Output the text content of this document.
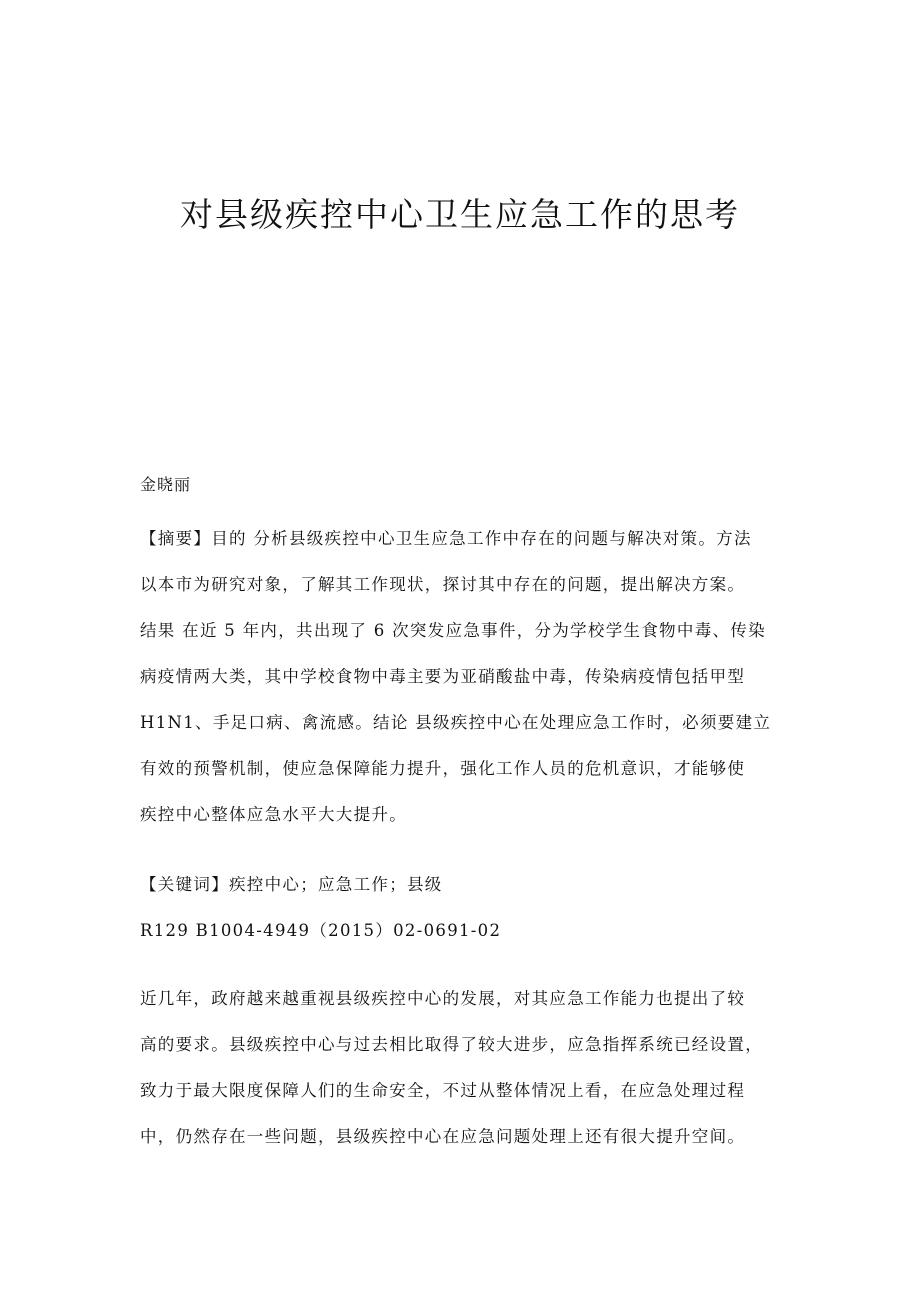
对县级疾控中心卫生应急工作的思考
金晓丽
【摘要】目的 分析县级疾控中心卫生应急工作中存在的问题与解决对策。方法
以本市为研究对象，了解其工作现状，探讨其中存在的问题，提出解决方案。
结果 在近 5 年内，共出现了 6 次突发应急事件，分为学校学生食物中毒、传染
病疫情两大类，其中学校食物中毒主要为亚硝酸盐中毒，传染病疫情包括甲型
H1N1、手足口病、禽流感。结论 县级疾控中心在处理应急工作时，必须要建立
有效的预警机制，使应急保障能力提升，强化工作人员的危机意识，才能够使
疾控中心整体应急水平大大提升。
【关键词】疾控中心；应急工作；县级
R129 B1004-4949（2015）02-0691-02
近几年，政府越来越重视县级疾控中心的发展，对其应急工作能力也提出了较
高的要求。县级疾控中心与过去相比取得了较大进步，应急指挥系统已经设置，
致力于最大限度保障人们的生命安全，不过从整体情况上看，在应急处理过程
中，仍然存在一些问题，县级疾控中心在应急问题处理上还有很大提升空间。
